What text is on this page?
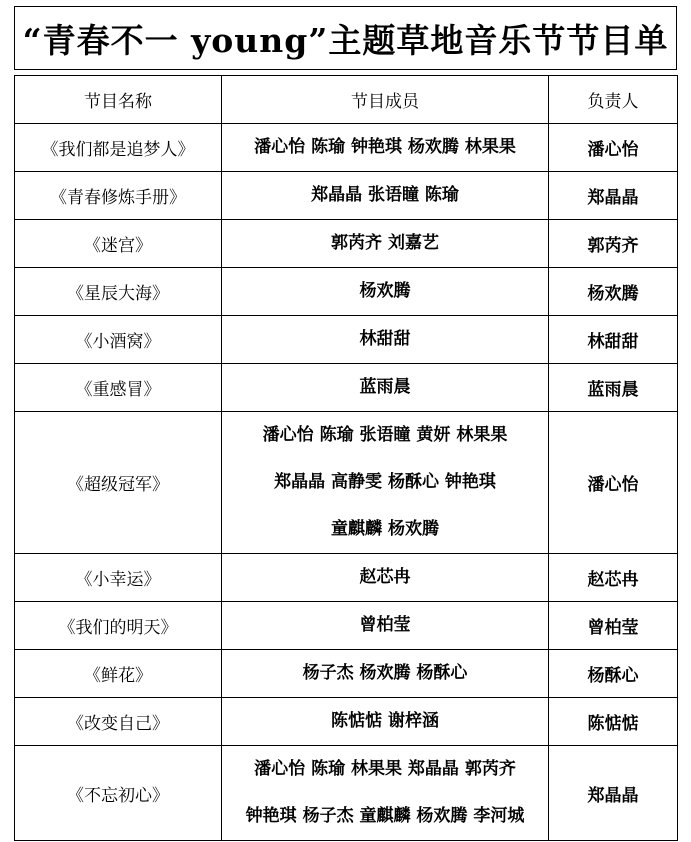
“青春不一 young”主题草地音乐节节目单
节目名称	节目成员	负责人
《我们都是追梦人》	潘心怡 陈瑜 钟艳琪 杨欢腾 林果果	潘心怡
《青春修炼手册》	郑晶晶 张语瞳 陈瑜	郑晶晶
《迷宫》	郭芮齐 刘嘉艺	郭芮齐
《星辰大海》	杨欢腾	杨欢腾
《小酒窝》	林甜甜	林甜甜
《重感冒》	蓝雨晨	蓝雨晨
《超级冠军》	潘心怡 陈瑜 张语瞳 黄妍 林果果
郑晶晶 高静雯 杨酥心 钟艳琪
童麒麟 杨欢腾	潘心怡
《小幸运》	赵芯冉	赵芯冉
《我们的明天》	曾柏莹	曾柏莹
《鲜花》	杨子杰 杨欢腾 杨酥心	杨酥心
《改变自己》	陈惦惦 谢梓涵	陈惦惦
《不忘初心》	潘心怡 陈瑜 林果果 郑晶晶 郭芮齐
钟艳琪 杨子杰 童麒麟 杨欢腾 李河城	郑晶晶
